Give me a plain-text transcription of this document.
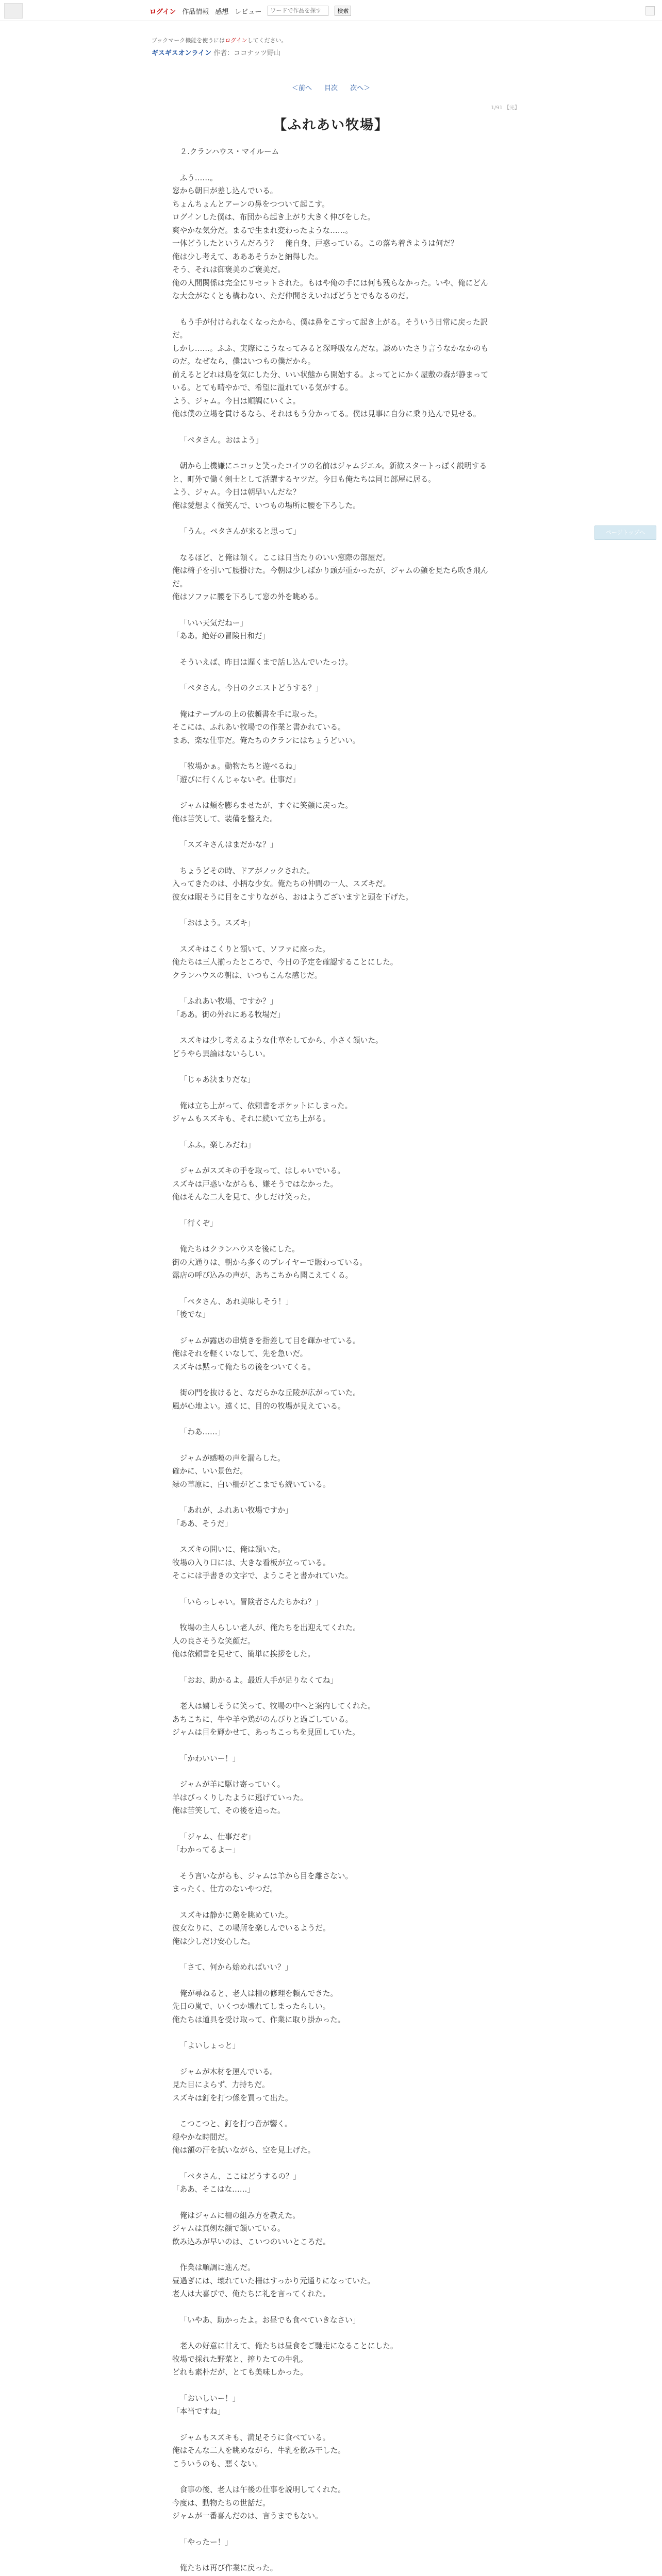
ログイン 作品情報 感想 レビュー
ワードで作品を探す	検索
ブックマーク機能を使うにはログインしてください。
ギスギスオンライン 作者：ココナッツ野山
＜前へ 目次 次へ＞
1/91 【完】
【ふれあい牧場】

２.クランハウス・マイルーム

ふう……。
窓から朝日が差し込んでいる。
ちょんちょんとアーンの鼻をつついて起こす。
ログインした僕は、布団から起き上がり大きく伸びをした。
爽やかな気分だ。まるで生まれ変わったような……。
一体どうしたというんだろう？　俺自身、戸惑っている。この落ち着きようは何だ？
俺は少し考えて、あああそうかと納得した。
そう、それは御褒美のご褒美だ。
俺の人間関係は完全にリセットされた。もはや俺の手には何も残らなかった。いや、俺にどんな大金がなくとも構わない、ただ仲間さえいればどうとでもなるのだ。

もう手が付けられなくなったから、僕は鼻をこすって起き上がる。そういう日常に戻った訳だ。
しかし……。ふふ、実際にこうなってみると深呼吸なんだな。談めいたさり言うなかなかのものだ。なぜなら、僕はいつもの僕だから。
前えるとどれは鳥を気にした分、いい状態から開始する。よってとにかく屋敷の森が静まっている。とても晴やかで、希望に溢れている気がする。
よう、ジャム。今日は順調にいくよ。
俺は僕の立場を貫けるなら、それはもう分かってる。僕は見事に自分に乗り込んで見せる。

「ペタさん。おはよう」

朝から上機嫌にニコッと笑ったコイツの名前はジャムジエル。新歓スタートっぽく説明すると、町外で働く剣士として活躍するヤツだ。今日も俺たちは同じ部屋に居る。
よう、ジャム。今日は朝早いんだな？
俺は愛想よく微笑んで、いつもの場所に腰を下ろした。

「うん。ペタさんが来ると思って」

なるほど、と俺は頷く。ここは日当たりのいい窓際の部屋だ。
俺は椅子を引いて腰掛けた。今朝は少しばかり頭が重かったが、ジャムの顔を見たら吹き飛んだ。
俺はソファに腰を下ろして窓の外を眺める。

「いい天気だねー」
「ああ。絶好の冒険日和だ」

そういえば、昨日は遅くまで話し込んでいたっけ。

「ペタさん。今日のクエストどうする？」

俺はテーブルの上の依頼書を手に取った。
そこには、ふれあい牧場での作業と書かれている。
まあ、楽な仕事だ。俺たちのクランにはちょうどいい。

「牧場かぁ。動物たちと遊べるね」
「遊びに行くんじゃないぞ。仕事だ」

ジャムは頬を膨らませたが、すぐに笑顔に戻った。
俺は苦笑して、装備を整えた。

「スズキさんはまだかな？」

ちょうどその時、ドアがノックされた。
入ってきたのは、小柄な少女。俺たちの仲間の一人、スズキだ。
彼女は眠そうに目をこすりながら、おはようございますと頭を下げた。

「おはよう。スズキ」

スズキはこくりと頷いて、ソファに座った。
俺たちは三人揃ったところで、今日の予定を確認することにした。
クランハウスの朝は、いつもこんな感じだ。

「ふれあい牧場、ですか？」
「ああ。街の外れにある牧場だ」

スズキは少し考えるような仕草をしてから、小さく頷いた。
どうやら異論はないらしい。

「じゃあ決まりだな」

俺は立ち上がって、依頼書をポケットにしまった。
ジャムもスズキも、それに続いて立ち上がる。

「ふふ。楽しみだね」

ジャムがスズキの手を取って、はしゃいでいる。
スズキは戸惑いながらも、嫌そうではなかった。
俺はそんな二人を見て、少しだけ笑った。

「行くぞ」

俺たちはクランハウスを後にした。
街の大通りは、朝から多くのプレイヤーで賑わっている。
露店の呼び込みの声が、あちこちから聞こえてくる。

「ペタさん、あれ美味しそう！」
「後でな」

ジャムが露店の串焼きを指差して目を輝かせている。
俺はそれを軽くいなして、先を急いだ。
スズキは黙って俺たちの後をついてくる。

街の門を抜けると、なだらかな丘陵が広がっていた。
風が心地よい。遠くに、目的の牧場が見えている。

「わあ……」

ジャムが感嘆の声を漏らした。
確かに、いい景色だ。
緑の草原に、白い柵がどこまでも続いている。

「あれが、ふれあい牧場ですか」
「ああ、そうだ」

スズキの問いに、俺は頷いた。
牧場の入り口には、大きな看板が立っている。
そこには手書きの文字で、ようこそと書かれていた。

「いらっしゃい。冒険者さんたちかね？」

牧場の主人らしい老人が、俺たちを出迎えてくれた。
人の良さそうな笑顔だ。
俺は依頼書を見せて、簡単に挨拶をした。

「おお、助かるよ。最近人手が足りなくてね」

老人は嬉しそうに笑って、牧場の中へと案内してくれた。
あちこちに、牛や羊や鶏がのんびりと過ごしている。
ジャムは目を輝かせて、あっちこっちを見回していた。

「かわいいー！」

ジャムが羊に駆け寄っていく。
羊はびっくりしたように逃げていった。
俺は苦笑して、その後を追った。

「ジャム、仕事だぞ」
「わかってるよー」

そう言いながらも、ジャムは羊から目を離さない。
まったく、仕方のないやつだ。

スズキは静かに鶏を眺めていた。
彼女なりに、この場所を楽しんでいるようだ。
俺は少しだけ安心した。

「さて、何から始めればいい？」

俺が尋ねると、老人は柵の修理を頼んできた。
先日の嵐で、いくつか壊れてしまったらしい。
俺たちは道具を受け取って、作業に取り掛かった。

「よいしょっと」

ジャムが木材を運んでいる。
見た目によらず、力持ちだ。
スズキは釘を打つ係を買って出た。

こつこつと、釘を打つ音が響く。
穏やかな時間だ。
俺は額の汗を拭いながら、空を見上げた。

「ペタさん、ここはどうするの？」
「ああ、そこはな……」

俺はジャムに柵の組み方を教えた。
ジャムは真剣な顔で頷いている。
飲み込みが早いのは、こいつのいいところだ。

作業は順調に進んだ。
昼過ぎには、壊れていた柵はすっかり元通りになっていた。
老人は大喜びで、俺たちに礼を言ってくれた。

「いやあ、助かったよ。お昼でも食べていきなさい」

老人の好意に甘えて、俺たちは昼食をご馳走になることにした。
牧場で採れた野菜と、搾りたての牛乳。
どれも素朴だが、とても美味しかった。

「おいしいー！」
「本当ですね」

ジャムもスズキも、満足そうに食べている。
俺はそんな二人を眺めながら、牛乳を飲み干した。
こういうのも、悪くない。

食事の後、老人は午後の仕事を説明してくれた。
今度は、動物たちの世話だ。
ジャムが一番喜んだのは、言うまでもない。

「やったー！」

俺たちは再び作業に戻った。

ページトップへ
